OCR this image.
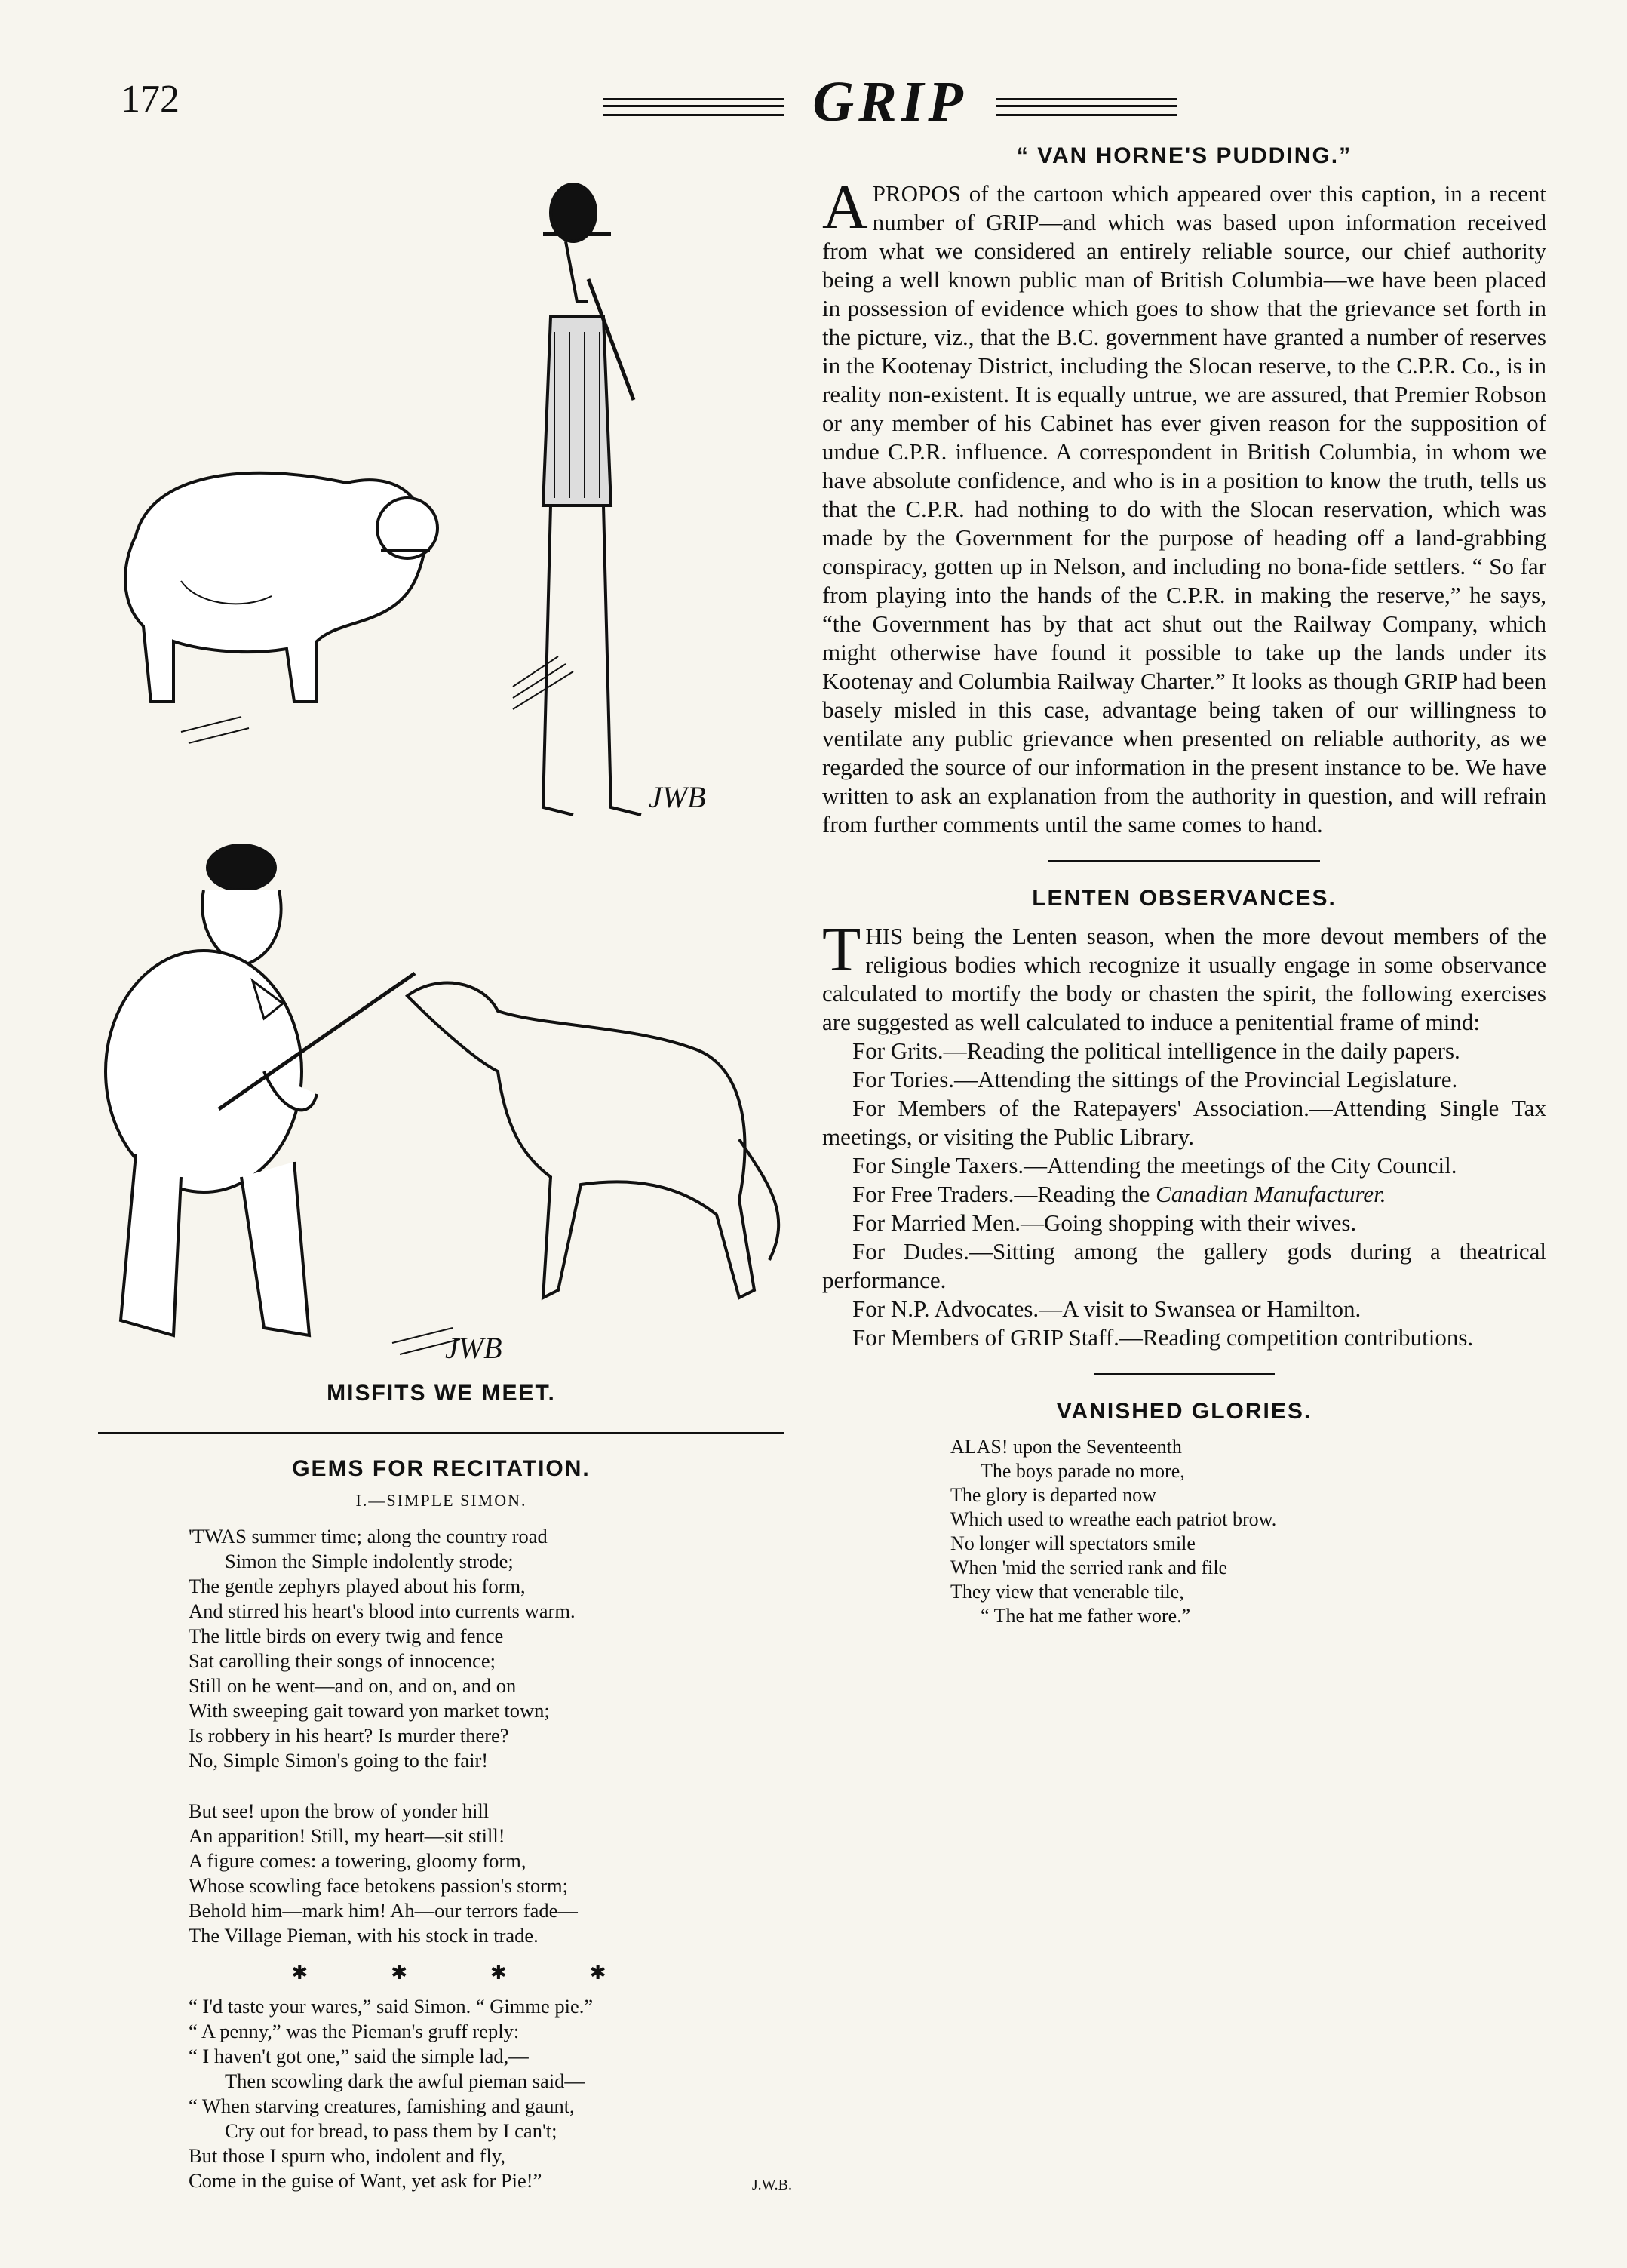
172	GRIP
JWB
JWB
MISFITS WE MEET.
GEMS FOR RECITATION.
I.—SIMPLE SIMON.
'TWAS summer time; along the country road
Simon the Simple indolently strode;
The gentle zephyrs played about his form,
And stirred his heart's blood into currents warm.
The little birds on every twig and fence
Sat carolling their songs of innocence;
Still on he went—and on, and on, and on
With sweeping gait toward yon market town;
Is robbery in his heart? Is murder there?
No, Simple Simon's going to the fair!
But see! upon the brow of yonder hill
An apparition! Still, my heart—sit still!
A figure comes: a towering, gloomy form,
Whose scowling face betokens passion's storm;
Behold him—mark him! Ah—our terrors fade—
The Village Pieman, with his stock in trade.
✱✱✱✱
“ I'd taste your wares,” said Simon. “ Gimme pie.”
“ A penny,” was the Pieman's gruff reply:
“ I haven't got one,” said the simple lad,—
Then scowling dark the awful pieman said—
“ When starving creatures, famishing and gaunt,
Cry out for bread, to pass them by I can't;
But those I spurn who, indolent and fly,
Come in the guise of Want, yet ask for Pie!”	J.W.B.
“ VAN HORNE'S PUDDING.”

APROPOS of the cartoon which appeared over this caption, in a recent number of GRIP—and which was based upon information received from what we considered an entirely reliable source, our chief authority being a well known public man of British Columbia—we have been placed in possession of evidence which goes to show that the grievance set forth in the picture, viz., that the B.C. government have granted a number of reserves in the Kootenay District, including the Slocan reserve, to the C.P.R. Co., is in reality non-existent. It is equally untrue, we are assured, that Premier Robson or any member of his Cabinet has ever given reason for the supposition of undue C.P.R. influence. A correspondent in British Columbia, in whom we have absolute confidence, and who is in a position to know the truth, tells us that the C.P.R. had nothing to do with the Slocan reservation, which was made by the Government for the purpose of heading off a land-grabbing conspiracy, gotten up in Nelson, and including no bona-fide settlers. “ So far from playing into the hands of the C.P.R. in making the reserve,” he says, “the Government has by that act shut out the Railway Company, which might otherwise have found it possible to take up the lands under its Kootenay and Columbia Railway Charter.” It looks as though GRIP had been basely misled in this case, advantage being taken of our willingness to ventilate any public grievance when presented on reliable authority, as we regarded the source of our information in the present instance to be. We have written to ask an explanation from the authority in question, and will refrain from further comments until the same comes to hand.

LENTEN OBSERVANCES.

THIS being the Lenten season, when the more devout members of the religious bodies which recognize it usually engage in some observance calculated to mortify the body or chasten the spirit, the following exercises are suggested as well calculated to induce a penitential frame of mind:

For Grits.—Reading the political intelligence in the daily papers.
For Tories.—Attending the sittings of the Provincial Legislature.
For Members of the Ratepayers' Association.—Attending Single Tax meetings, or visiting the Public Library.
For Single Taxers.—Attending the meetings of the City Council.
For Free Traders.—Reading the Canadian Manufacturer.
For Married Men.—Going shopping with their wives.
For Dudes.—Sitting among the gallery gods during a theatrical performance.
For N.P. Advocates.—A visit to Swansea or Hamilton.
For Members of GRIP Staff.—Reading competition contributions.
VANISHED GLORIES.
ALAS! upon the Seventeenth
The boys parade no more,
The glory is departed now
Which used to wreathe each patriot brow.
No longer will spectators smile
When 'mid the serried rank and file
They view that venerable tile,
“ The hat me father wore.”
